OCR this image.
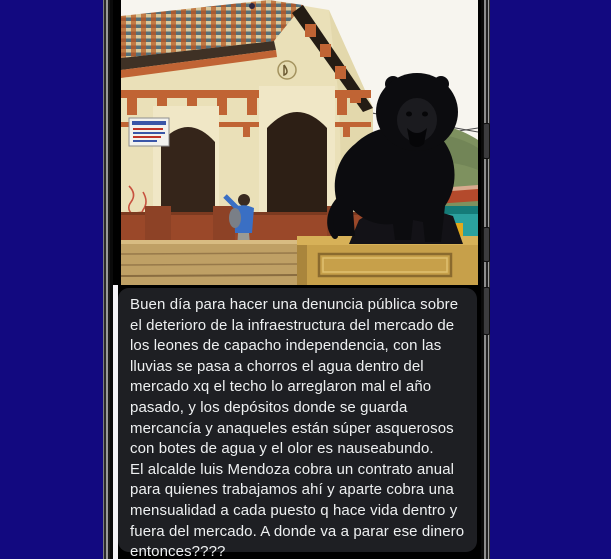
Buen día para hacer una denuncia pública sobre
el deterioro de la infraestructura del mercado de
los leones de capacho independencia, con las
lluvias se pasa a chorros el agua dentro del
mercado xq el techo lo arreglaron mal el año
pasado, y los depósitos donde se guarda
mercancía y anaqueles están súper asquerosos
con botes de agua y el olor es nauseabundo.
El alcalde luis Mendoza cobra un contrato anual
para quienes trabajamos ahí y aparte cobra una
mensualidad a cada puesto q hace vida dentro y
fuera del mercado. A donde va a parar ese dinero
entonces????
